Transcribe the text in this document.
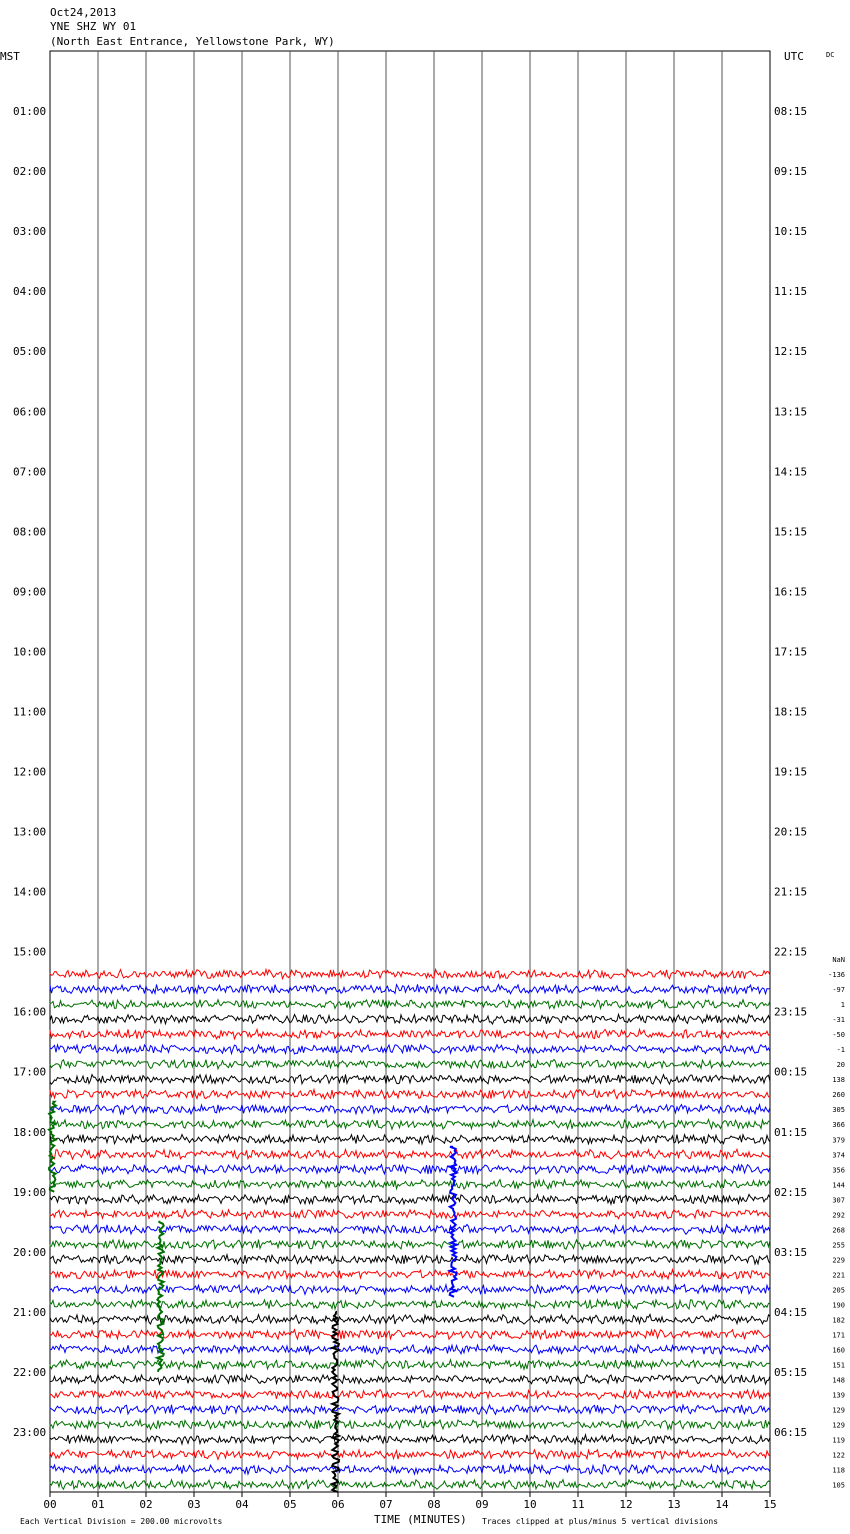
Oct24,2013
YNE SHZ WY 01
(North East Entrance, Yellowstone Park, WY)
MST	UTC	DC
01:00
02:00
03:00
04:00
05:00
06:00
07:00
08:00
09:00
10:00
11:00
12:00
13:00
14:00
15:00
16:00
17:00
18:00
19:00
20:00
21:00
22:00
23:00
08:15
09:15
10:15
11:15
12:15
13:15
14:15
15:15
16:15
17:15
18:15
19:15
20:15
21:15
22:15
23:15
00:15
01:15
02:15
03:15
04:15
05:15
06:15
NaN
-136
-97
1
-31
-50
-1
20
138
260
305
366
379
374
356
144
307
292
268
255
229
221
205
190
182
171
160
151
148
139
129
129
119
122
118
105
00	01	02	03	04	05	06	07	08	09	10	11	12	13	14	15
TIME (MINUTES)
Each Vertical Division = 200.00 microvolts	Traces clipped at plus/minus 5 vertical divisions
